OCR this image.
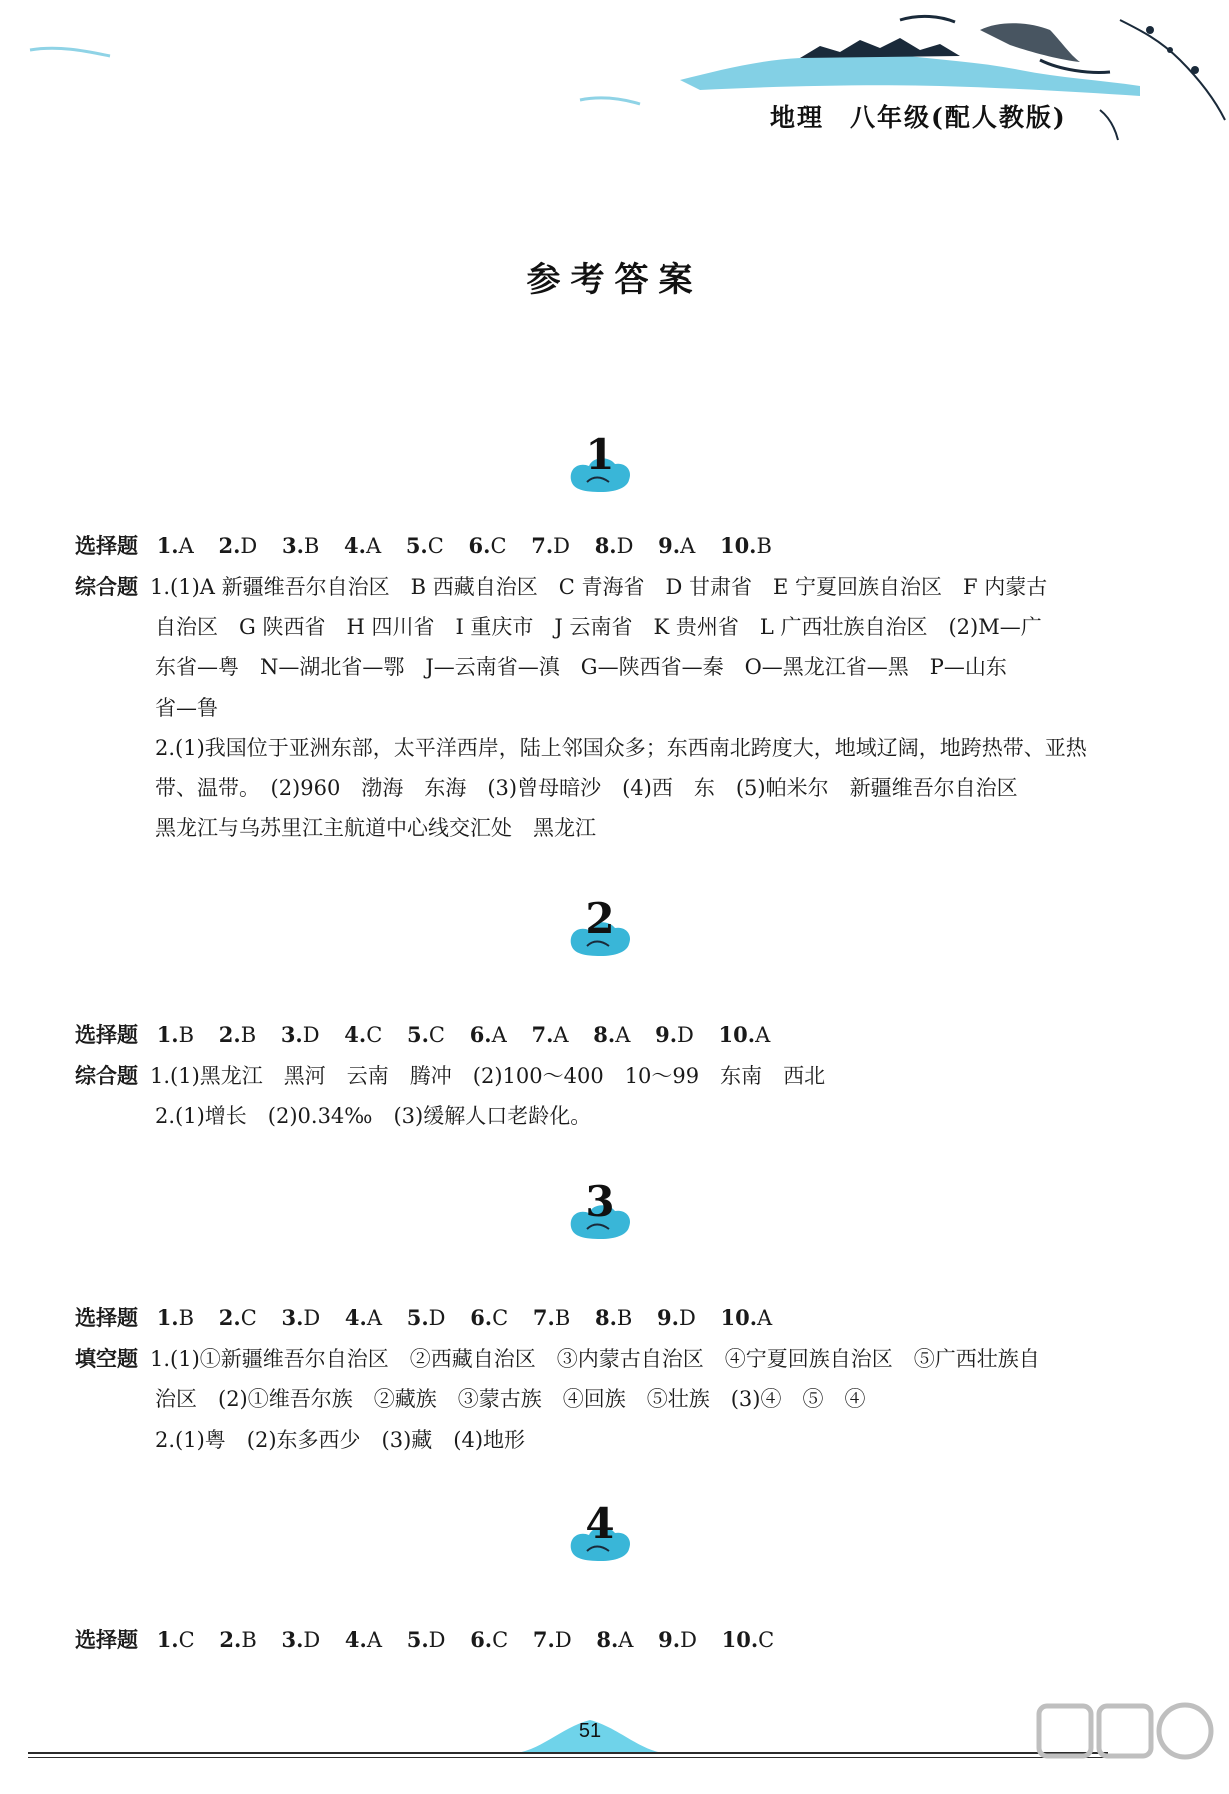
地理 八年级(配人教版)
参考答案
1
选择题 1.A 2.D 3.B 4.A 5.C 6.C 7.D 8.D 9.A 10.B
综合题 1.(1)A 新疆维吾尔自治区　B 西藏自治区　C 青海省　D 甘肃省　E 宁夏回族自治区　F 内蒙古
自治区　G 陕西省　H 四川省　I 重庆市　J 云南省　K 贵州省　L 广西壮族自治区　(2)M—广
东省—粤　N—湖北省—鄂　J—云南省—滇　G—陕西省—秦　O—黑龙江省—黑　P—山东
省—鲁
2.(1)我国位于亚洲东部，太平洋西岸，陆上邻国众多；东西南北跨度大，地域辽阔，地跨热带、亚热
带、温带。　(2)960　渤海　东海　(3)曾母暗沙　(4)西　东　(5)帕米尔　新疆维吾尔自治区
黑龙江与乌苏里江主航道中心线交汇处　黑龙江
2
选择题 1.B 2.B 3.D 4.C 5.C 6.A 7.A 8.A 9.D 10.A
综合题 1.(1)黑龙江　黑河　云南　腾冲　(2)100～400　10～99　东南　西北
2.(1)增长　(2)0.34‰　(3)缓解人口老龄化。
3
选择题 1.B 2.C 3.D 4.A 5.D 6.C 7.B 8.B 9.D 10.A
填空题 1.(1)①新疆维吾尔自治区　②西藏自治区　③内蒙古自治区　④宁夏回族自治区　⑤广西壮族自
治区　(2)①维吾尔族　②藏族　③蒙古族　④回族　⑤壮族　(3)④　⑤　④
2.(1)粤　(2)东多西少　(3)藏　(4)地形
4
选择题 1.C 2.B 3.D 4.A 5.D 6.C 7.D 8.A 9.D 10.C
51
